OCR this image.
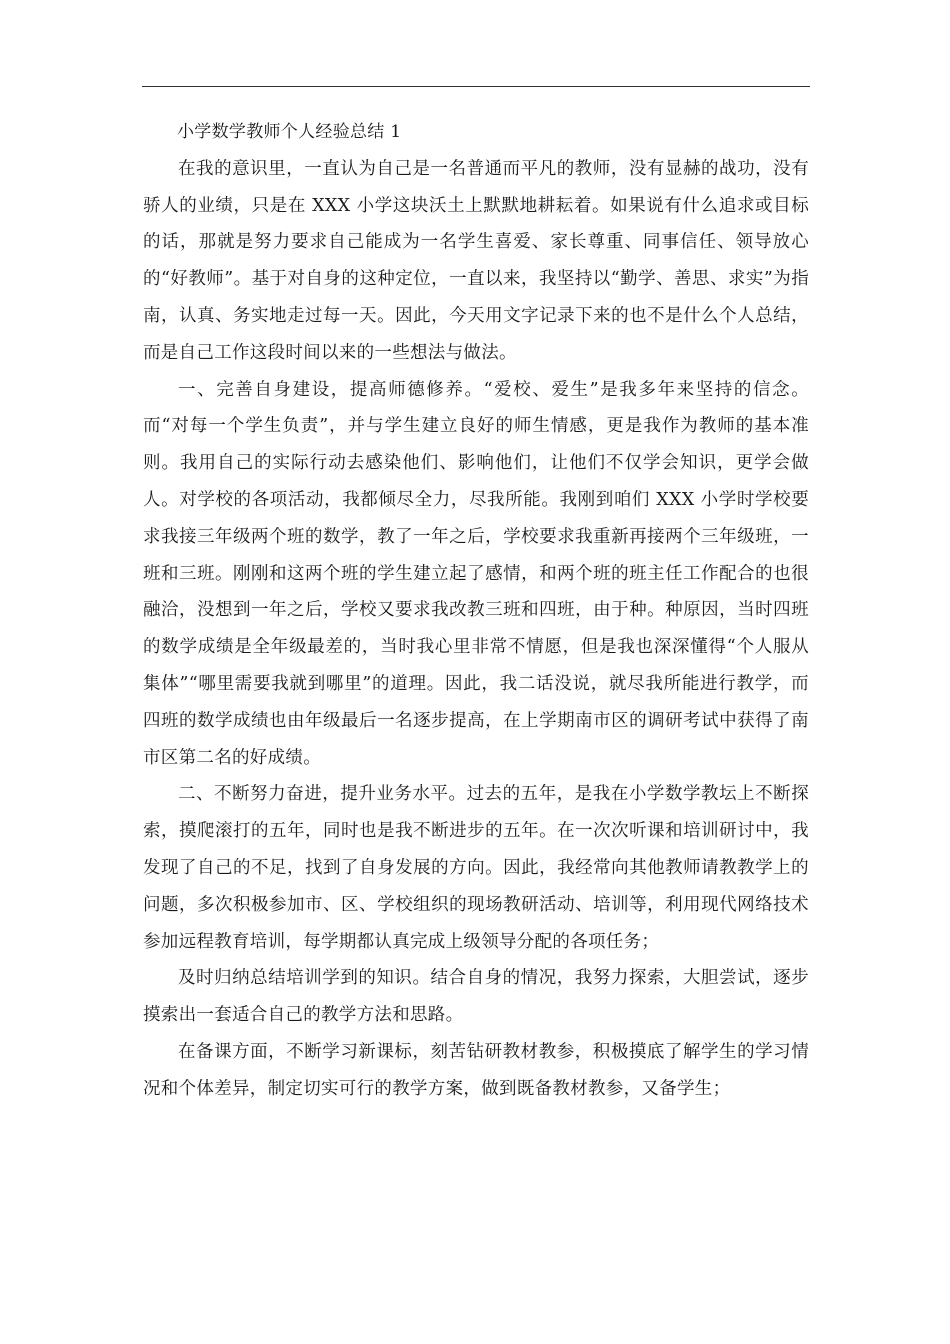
小学数学教师个人经验总结 1

在我的意识里，一直认为自己是一名普通而平凡的教师，没有显赫的战功，没有骄人的业绩，只是在 XXX 小学这块沃土上默默地耕耘着。如果说有什么追求或目标的话，那就是努力要求自己能成为一名学生喜爱、家长尊重、同事信任、领导放心的“好教师”。基于对自身的这种定位，一直以来，我坚持以“勤学、善思、求实”为指南，认真、务实地走过每一天。因此，今天用文字记录下来的也不是什么个人总结，而是自己工作这段时间以来的一些想法与做法。

一、完善自身建设，提高师德修养。“爱校、爱生”是我多年来坚持的信念。而“对每一个学生负责”，并与学生建立良好的师生情感，更是我作为教师的基本准则。我用自己的实际行动去感染他们、影响他们，让他们不仅学会知识，更学会做人。对学校的各项活动，我都倾尽全力，尽我所能。我刚到咱们 XXX 小学时学校要求我接三年级两个班的数学，教了一年之后，学校要求我重新再接两个三年级班，一班和三班。刚刚和这两个班的学生建立起了感情，和两个班的班主任工作配合的也很融洽，没想到一年之后，学校又要求我改教三班和四班，由于种。种原因，当时四班的数学成绩是全年级最差的，当时我心里非常不情愿，但是我也深深懂得“个人服从集体”“哪里需要我就到哪里”的道理。因此，我二话没说，就尽我所能进行教学，而四班的数学成绩也由年级最后一名逐步提高，在上学期南市区的调研考试中获得了南市区第二名的好成绩。

二、不断努力奋进，提升业务水平。过去的五年，是我在小学数学教坛上不断探索，摸爬滚打的五年，同时也是我不断进步的五年。在一次次听课和培训研讨中，我发现了自己的不足，找到了自身发展的方向。因此，我经常向其他教师请教教学上的问题，多次积极参加市、区、学校组织的现场教研活动、培训等，利用现代网络技术参加远程教育培训，每学期都认真完成上级领导分配的各项任务；

及时归纳总结培训学到的知识。结合自身的情况，我努力探索，大胆尝试，逐步摸索出一套适合自己的教学方法和思路。

在备课方面，不断学习新课标，刻苦钻研教材教参，积极摸底了解学生的学习情况和个体差异，制定切实可行的教学方案，做到既备教材教参，又备学生；
